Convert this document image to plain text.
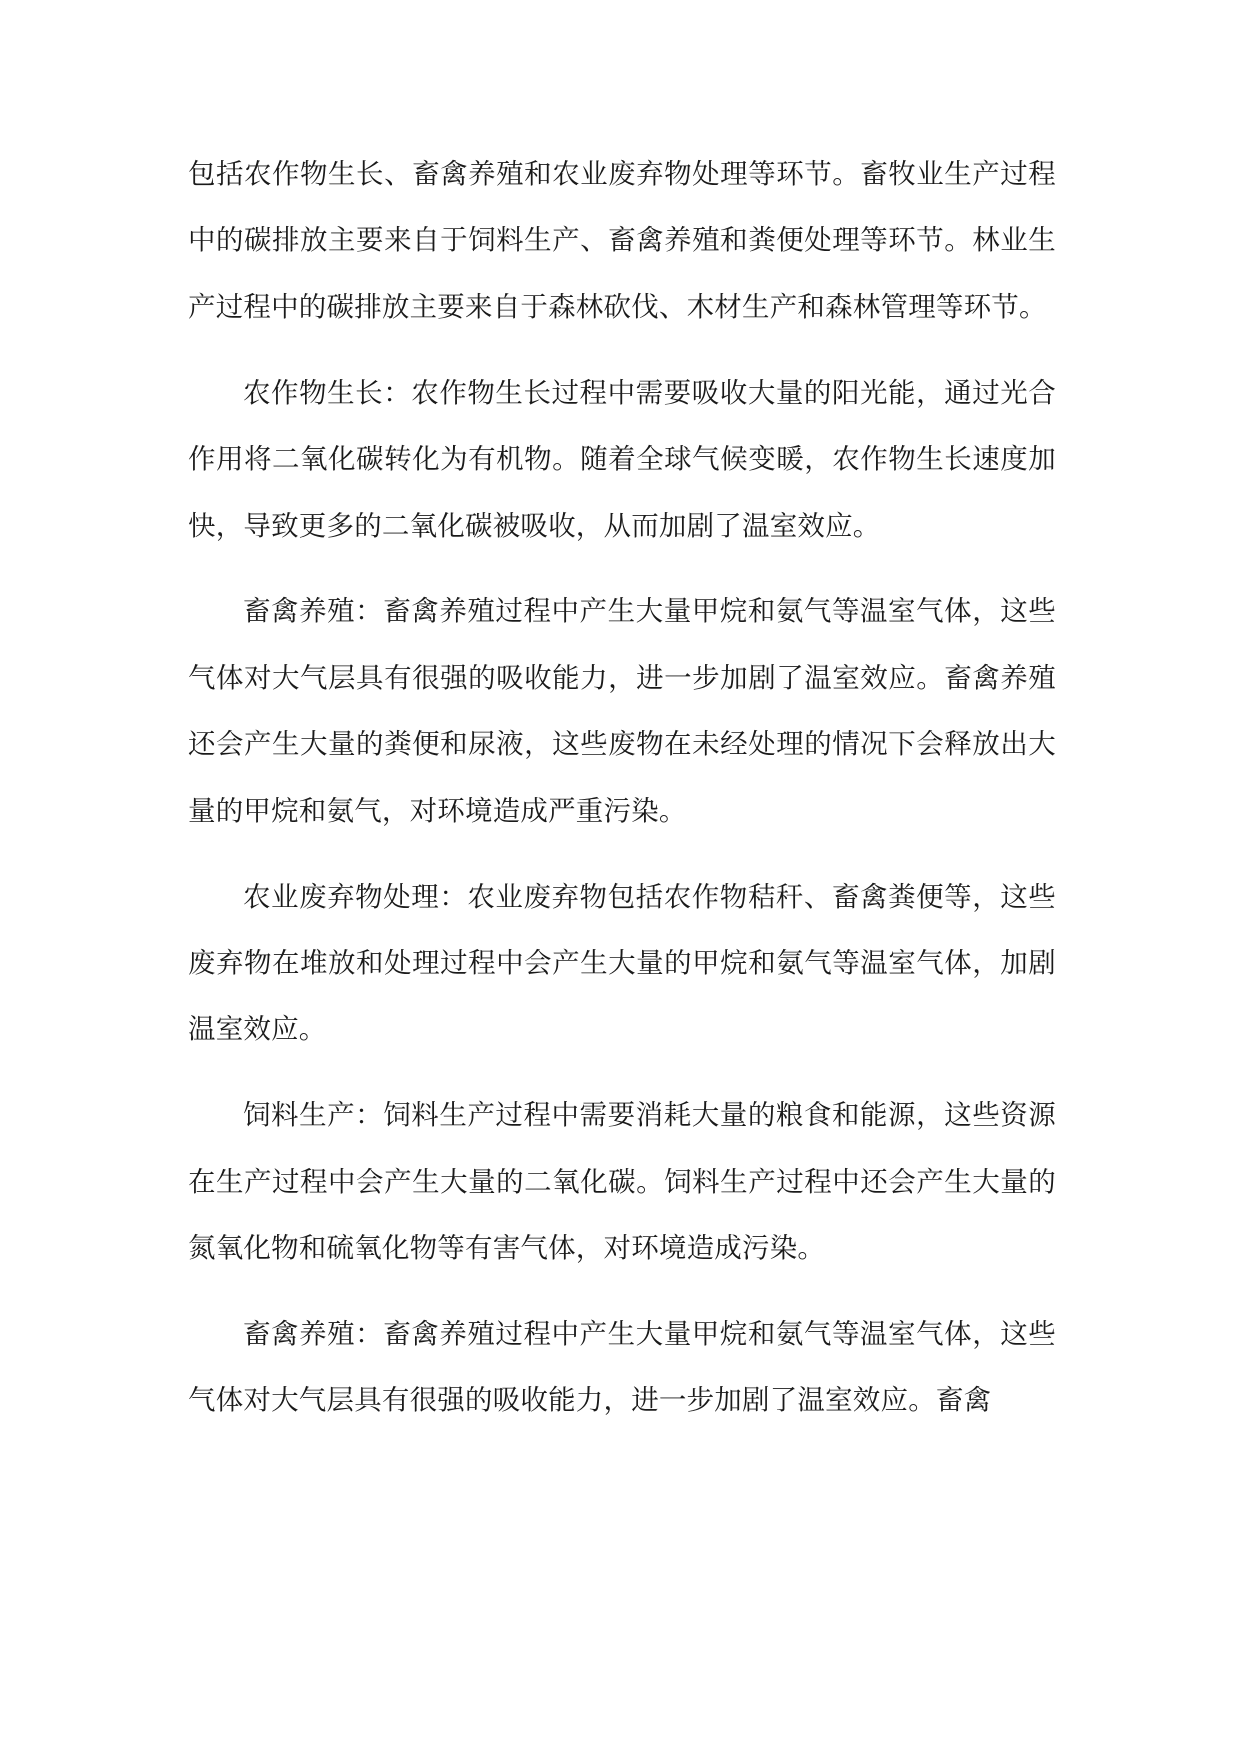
包括农作物生长、畜禽养殖和农业废弃物处理等环节。畜牧业生产过程中的碳排放主要来自于饲料生产、畜禽养殖和粪便处理等环节。林业生产过程中的碳排放主要来自于森林砍伐、木材生产和森林管理等环节。

农作物生长：农作物生长过程中需要吸收大量的阳光能，通过光合作用将二氧化碳转化为有机物。随着全球气候变暖，农作物生长速度加快，导致更多的二氧化碳被吸收，从而加剧了温室效应。

畜禽养殖：畜禽养殖过程中产生大量甲烷和氨气等温室气体，这些气体对大气层具有很强的吸收能力，进一步加剧了温室效应。畜禽养殖还会产生大量的粪便和尿液，这些废物在未经处理的情况下会释放出大量的甲烷和氨气，对环境造成严重污染。

农业废弃物处理：农业废弃物包括农作物秸秆、畜禽粪便等，这些废弃物在堆放和处理过程中会产生大量的甲烷和氨气等温室气体，加剧温室效应。

饲料生产：饲料生产过程中需要消耗大量的粮食和能源，这些资源在生产过程中会产生大量的二氧化碳。饲料生产过程中还会产生大量的氮氧化物和硫氧化物等有害气体，对环境造成污染。

畜禽养殖：畜禽养殖过程中产生大量甲烷和氨气等温室气体，这些气体对大气层具有很强的吸收能力，进一步加剧了温室效应。畜禽
